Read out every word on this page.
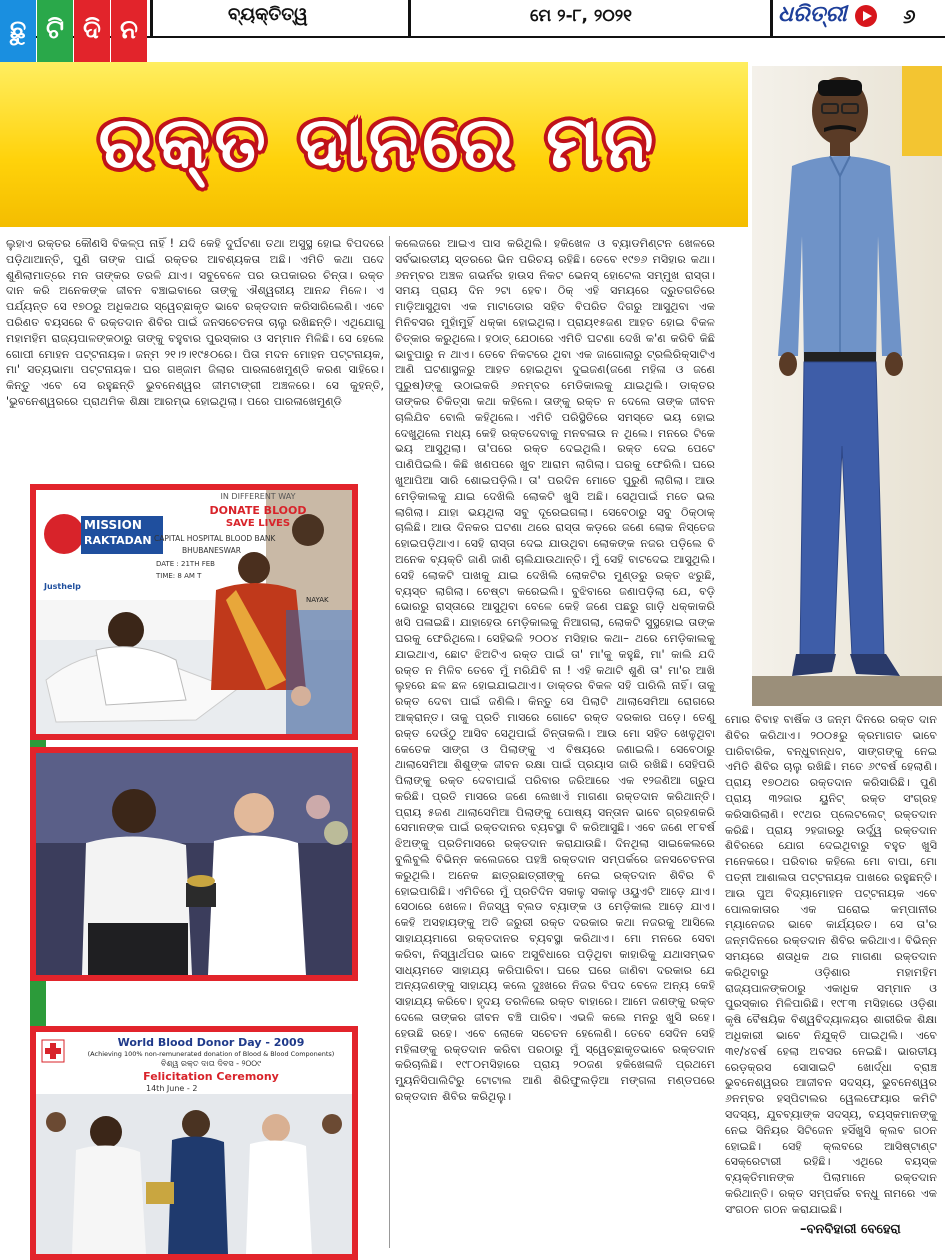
ଛୁ ଟି ଦି ନ
ବ୍ୟକ୍ତିତ୍ୱ	ମେ ୨-୮, ୨୦୨୧	ଧରିତ୍ରୀ	୬
ରକ୍ତ ଦାନରେ ମନ
ଲୁହାଏ ରକ୍ତର କୌଣସି ବିକଳ୍ପ ନାହିଁ ! ଯଦି କେହି ଦୁର୍ଘଟଣା ତଥା ଅସୁସ୍ଥ ହୋଇ ବିପଦରେ ପଡ଼ିଥାଆନ୍ତି, ପୁଣି ତାଙ୍କ ପାଇଁ ରକ୍ତର ଆବଶ୍ୟକତା ଅଛି। ଏମିତି କଥା ପଦେ ଶୁଣିଲାମାତ୍ରେ ମନ ତାଙ୍କର ତରଳି ଯାଏ। ସବୁବେଳେ ପର ଉପକାରର ଚିନ୍ତା। ରକ୍ତ ଦାନ କରି ଅନେକଙ୍କ ଜୀବନ ବଞ୍ଚାଇବାରେ ତାଙ୍କୁ ଐଶ୍ୱରୀୟ ଆନନ୍ଦ ମିଳେ। ଏ ପର୍ଯ୍ୟନ୍ତ ସେ ୧୭୦ରୁ ଅଧିକଥର ସ୍ୱେଚ୍ଛାକୃତ ଭାବେ ରକ୍ତଦାନ କରିସାରିଲେଣି। ଏବେ ପରିଣତ ବୟସରେ ବି ରକ୍ତଦାନ ଶିବିର ପାଇଁ ଜନସଚେତନତା ଚାଲୁ ରଖିଛନ୍ତି। ଏଥିଯୋଗୁ ମହାମହିମ ରାଜ୍ୟପାଳଙ୍କଠାରୁ ତାଙ୍କୁ ବହୁବାର ପୁରସ୍କାର ଓ ସମ୍ମାନ ମିଳିଛି। ସେ ହେଲେ ଗୋପୀ ମୋହନ ପଟ୍ଟନାୟକ। ଜନ୍ମ ୨୧।୨।୧୯୫୦ରେ। ପିତା ମଦନ ମୋହନ ପଟ୍ଟନାୟକ, ମା' ସତ୍ୟଭାମା ପଟ୍ଟନାୟକ। ଘର ଗଞ୍ଜାମ ଜିଲାର ପାରଳାଖେମୁଣ୍ଡି କରଣ ସାହିରେ। କିନ୍ତୁ ଏବେ ସେ ରହୁଛନ୍ତି ଭୁବନେଶ୍ୱର ଜୀମଟାଙ୍ଗୀ ଅଞ୍ଚଳରେ। ସେ କୁହନ୍ତି, 'ଭୁବନେଶ୍ୱରରେ ପ୍ରାଥମିକ ଶିକ୍ଷା ଆରମ୍ଭ ହୋଇଥିଲା। ପରେ ପାରଳାଖେମୁଣ୍ଡି
କଲେଜରେ ଆଇଏ ପାସ କରିଥିଲି। ହକିଖେଳ ଓ ବ୍ୟାଡମିଣ୍ଟନ ଖେଳରେ ସର୍ବଭାରତୀୟ ସ୍ତରରେ ଭିନ ପରିଚୟ ରହିଛି। ତେବେ ୧୯୭୬ ମସିହାର କଥା। ୬ନମ୍ବର ଅଞ୍ଚଳ ଗଭର୍ନର ହାଉସ ନିକଟ ଭେନସ୍ ହୋଟେଲ ସମ୍ମୁଖ ରାସ୍ତା। ସମୟ ପ୍ରାୟ ଦିନ ୨ଟା ହେବ। ଠିକ୍ ଏହି ସମୟରେ ଦ୍ରୁତଗତିରେ ମାଡ଼ିଆସୁଥିବା ଏକ ମାଟାଡୋର ସହିତ ବିପରିତ ଦିଗରୁ ଆସୁଥିବା ଏକ ମିନିବସର ମୁହାଁମୁହିଁ ଧକ୍କା ହୋଇଥିଲା। ପ୍ରାୟ୧୫ଜଣ ଆହତ ହୋଇ ବିକଳ ଚିତ୍କାର କରୁଥିଲେ। ହଠାତ୍ ଯେଠାରେ ଏମିତି ଘଟଣା ଦେଖି କ'ଣ କରିବି କିଛି ଭାବୁପାରୁ ନ ଥାଏ। ତେବେ ନିକଟରେ ଥିବା ଏକ ଜାଗୋଲାରୁ ଟ୍ରଲିରିକ୍ସାଟିଏ ଆଣି ଘଟଣାସ୍ଥଳରୁ ଆହତ ହୋଇଥିବା ଦୁଇଜଣ(ଜଣେ ମହିଳା ଓ ଜଣେ ପୁରୁଷ)ଙ୍କୁ ଉଠାଇକରି ୬ନମ୍ବର ମେଡିକାଲକୁ ଯାଇଥିଲି। ଡାକ୍ତର ତାଙ୍କର ଚିକିତ୍ସା କଥା କହିଲେ। ତାଙ୍କୁ ରକ୍ତ ନ ଦେଲେ ତାଙ୍କ ଜୀବନ ଚାଲିଯିବ ବୋଲି କହିଥିଲେ। ଏମିତି ପରିସ୍ଥିତିରେ ସମସ୍ତେ ଭୟ ହୋଇ ଦେଖୁଥିଲେ ମଧ୍ୟ କେହି ରକ୍ତଦେବାକୁ ମନବଳାଉ ନ ଥିଲେ। ମନରେ ଟିକେ ଭୟ ଆସୁଥିଲା। ତା'ପରେ ରକ୍ତ ଦେଇଥିଲି। ରକ୍ତ ଦେଇ ପେଟେ ପାଣିପିଇଲି। କିଛି ଖଣପରେ ଖୁବ ଆରାମ ଲାଗିଲା। ଘରକୁ ଫେରିଲି। ଘରେ ଖୁଆପିଆ ସାରି ଶୋଇପଡ଼ିଲି। ତା' ପରଦିନ ମୋତେ ପୁରୁଣି ଲାଗିଲା। ଆଉ ମେଡ଼ିକାଲକୁ ଯାଇ ଦେଖିଲି ଲୋକଟି ଖୁସି ଅଛି। ସେଥିପାଇଁ ମତେ ଭଲ ଲାଗିଲା। ଯାହା ଭୟଥିଲା ସବୁ ଦୂରେଇଗଲା। ସେବେଠାରୁ ସବୁ ଠିକ୍‌ଠାକ୍ ଚାଲିଛି। ଆଉ ଦିନକର ଘଟଣା ଥରେ ରାସ୍ତା କଡ଼ରେ ଜଣେ ଲୋକ ନିସ୍ତେଜ ହୋଇପଡ଼ିଥାଏ। ସେହି ରାସ୍ତା ଦେଇ ଯାଉଥିବା ଲୋକଙ୍କ ନଜର ପଡ଼ିଲେ ବି ଅନେକ ବ୍ୟକ୍ତି ଜାଣି ଜାଣି ଚାଲିଯାଉଥାନ୍ତି। ମୁଁ ସେହି ବାଟଦେଇ ଆସୁଥିଲି। ସେହି ଲୋକଟି ପାଖକୁ ଯାଇ ଦେଖିଲି ଲୋକଟିର ମୁଣ୍ଡରୁ ରକ୍ତ ଝରୁଛି, ବ୍ୟସ୍ତ ଲାଗିଲା। ଚେଷ୍ଟା କରେଇଲି। ବୁଝିବାରେ ଜଣାପଡ଼ିଲା ଯେ, ବଡ଼ି ଭୋରରୁ ରାସ୍ତାରେ ଆସୁଥିବା ବେଳେ କେହି ଜଣେ ପଛରୁ ଗାଡ଼ି ଧକ୍କାକରି ଖସି ପଳାଇଛି। ଯାହାହେଉ ମେଡ଼ିକାଲକୁ ନିଆଗଲା, ଲୋକଟି ସୁସ୍ଥହୋଇ ତାଙ୍କ ଘରକୁ ଫେରିଥିଲେ। ସେହିଭଳି ୨୦୦୪ ମସିହାର କଥା– ଥରେ ମେଡ଼ିକାଲକୁ ଯାଇଥାଏ, ଛୋଟ ଝିଅଟିଏ ରକ୍ତ ପାଇଁ ତା' ମା'କୁ କହୁଛି, ମା' କାଲି ଯଦି ରକ୍ତ ନ ମିଳିବ ତେବେ ମୁଁ ମରିଯିବି ନା ! ଏହି କଥାଟି ଶୁଣି ତା' ମା'ର ଆଖି ଲୁହରେ ଛଳ ଛଳ ହୋଇଯାଇଥାଏ। ଡାକ୍ତର ବିକଳ ସହି ପାରିଲି ନାହିଁ। ତାକୁ ରକ୍ତ ଦେବା ପାଇଁ ଜଣିଲି। କିନ୍ତୁ ସେ ପିଲାଟି ଥାଲାସେମିଆ ରୋଗରେ ଆକ୍ରାନ୍ତ। ତାକୁ ପ୍ରତି ମାସରେ ଗୋଟେ ରକ୍ତ ଦରକାର ପଡ଼େ। ତେଣୁ ରକ୍ତ ଦେଉଁଠୁ ଆସିବ ସେଥିପାଇଁ ଚିନ୍ତାକଲି। ଆଉ ମୋ ସହିତ ଖେଳୁଥିବା କେତେକ ସାଙ୍ଗ ଓ ପିଲାଙ୍କୁ ଏ ବିଷୟରେ ଜଣାଇଲି। ସେବେଠାରୁ ଥାଲାସେମିଆ ଶିଶୁଙ୍କ ଜୀବନ ରକ୍ଷା ପାଇଁ ପ୍ରୟାସ ଜାରି ରଖିଛି। ସେହିପରି ପିଲାଙ୍କୁ ରକ୍ତ ଦେବାପାଇଁ ପରିବାର ଜରିଆରେ ଏକ ୧୨ଜଣିଆ ଗ୍ରୁପ କରିଛି। ପ୍ରତି ମାସରେ ଜଣେ ଲେଖାଏଁ ମାଗଣା ରକ୍ତଦାନ କରିଥାନ୍ତି। ପ୍ରାୟ ୫ଜଣ ଥାଲାସେମିଆ ପିଲାଙ୍କୁ ପୋଷ୍ୟ ସନ୍ତାନ ଭାବେ ଗ୍ରହଣକରି ସେମାନଙ୍କ ପାଇଁ ରକ୍ତଦାନର ବ୍ୟବସ୍ଥା ବି କରିଆସୁଛି। ଏବେ ଜଣେ ୧୮ବର୍ଷ ଝିଅଙ୍କୁ ପ୍ରତିମାସରେ ରକ୍ତଦାନ କରାଯାଉଛି। ଦିନଥିଲା ସାଇକେଲରେ ବୁଲିବୁଲି ବିଭିନ୍ନ କଲେଜରେ ପହଞ୍ଚି ରକ୍ତଦାନ ସମ୍ପର୍କରେ ଜନସଚେତନତା କରୁଥିଲି। ଅନେକ ଛାତ୍ରଛାତ୍ରୀଙ୍କୁ ନେଇ ରକ୍ତଦାନ ଶିବିର ବି ହୋଇପାରିଛି। ଏମିତିରେ ମୁଁ ପ୍ରତିଦିନ ସକାଳୁ ସକାଳୁ ଓୟୁଏଟି ଆଡ଼େ ଯାଏ। ସେଠାରେ ଖେଳେ। ନିଜସ୍ୱ ବ୍ଲଡ ବ୍ୟାଙ୍କ ଓ ମେଡ଼ିକାଲ ଆଡ଼େ ଯାଏ। କେହି ଅସହାୟଙ୍କୁ ଅତି ଜରୁରୀ ରକ୍ତ ଦରକାର କଥା ନଜରକୁ ଆସିଲେ ସାହାଯ୍ୟମାଗେ ରକ୍ତଦାନର ବ୍ୟବସ୍ଥା କରିଥାଏ। ମୋ ମନରେ ସେବା କରିବା, ନିସ୍ୱାର୍ଥପର ଭାବେ ଅସୁବିଧାରେ ପଡ଼ିଥିବା କାହାରିକୁ ଯଥାସମ୍ଭବ ସାଧ୍ୟମତେ ସାହାଯ୍ୟ କରିପାରିବା। ଘରେ ଘରେ ଜାଣିବା ଦରକାର ଯେ ଅନ୍ୟଜଣଙ୍କୁ ସାହାଯ୍ୟ କଲେ ଦୁଃଖରେ ନିଜର ବିପଦ ବେଳେ ଅନ୍ୟ କେହି ସାହାଯ୍ୟ କରିବେ। ହୃଦୟ ତରଳିଲେ ରକ୍ତ ବାହାରେ। ଆମେ ଜଣଙ୍କୁ ରକ୍ତ ଦେଲେ ତାଙ୍କର ଜୀବନ ବଞ୍ଚି ପାରିବ। ଏଭଳି କଲେ ମନରୁ ଖୁସି ରହେ। ହେଉଛି ରହେ। ଏବେ ଲୋକେ ସଚେତନ ହେଲେଣି। ତେବେ ସେଦିନ ସେହି ମହିଳାଙ୍କୁ ରକ୍ତଦାନ କରିବା ପରଠାରୁ ମୁଁ ସ୍ୱେଚ୍ଛାକୃତଭାବେ ରକ୍ତଦାନ କରିଚାଲିଛି। ୧୯୮୦ମସିହାରେ ପ୍ରାୟ ୨୦ଜଣ ହକିଖେଳାଳି ପ୍ରଥମେ ମ୍ୟୁନିସିପାଲିଟିରୁ ଟୋଟାଲ ଆଣି ଶିରିଫୁଲଡ଼ିଆ ମଙ୍ଗଳା ମଣ୍ଡପରେ ରକ୍ତଦାନ ଶିବିର କରିଥିଲୁ।
ମୋର ବିବାହ ବାର୍ଷିକ ଓ ଜନ୍ମ ଦିନରେ ରକ୍ତ ଦାନ ଶିବିର କରିଥାଏ। ୨୦୦୫ରୁ କ୍ରମାଗତ ଭାବେ ପାରିବାରିକ, ବନ୍ଧୁବାନ୍ଧବ, ସାଙ୍ଗଙ୍କୁ ନେଇ ଏମିତି ଶିବିର ଚାଲୁ ରଖିଛି। ମତେ ୬୯ବର୍ଷ ହେଲାଣି। ପ୍ରାୟ ୧୭୦ଥର ରକ୍ତଦାନ କରିସାରିଛି। ପୁଣି ପ୍ରାୟ ୩୨ଜାର ୟୁନିଟ୍ ରକ୍ତ ସଂଗ୍ରହ କରିସାରିଲାଣି। ୧୯ଥର ପ୍ଲେଟଲେଟ୍ ରକ୍ତଦାନ କରିଛି। ପ୍ରାୟ ୨ହଜାରରୁ ଉର୍ଦ୍ଧ୍ୱ ରକ୍ତଦାନ ଶିବିରରେ ଯୋଗ ଦେଇଥିବାରୁ ବହୁତ ଖୁସି ମନେକରେ। ପରିବାର କହିଲେ ମୋ ବାପା, ମୋ ପତ୍ନୀ ଆଶାଲତା ପଟ୍ଟନାୟକ ପାଖରେ ରହୁଛନ୍ତି। ଆଉ ପୁଅ ବିଦ୍ୟାମୋହନ ପଟ୍ଟନାୟକ ଏବେ ପୋଲକାତାର ଏକ ଘରୋଇ କମ୍ପାନୀର ମ୍ୟାନେଜର ଭାବେ କାର୍ଯ୍ୟରତ। ସେ ତା'ର ଜନ୍ମଦିନରେ ରକ୍ତଦାନ ଶିବିର କରିଥାଏ। ବିଭିନ୍ନ ସମୟରେ ଶତାଧିକ ଥର ମାଗଣା ରକ୍ତଦାନ କରିଥିବାରୁ ଓଡ଼ିଶାର ମହାମହିମ ରାଜ୍ୟପାଳଙ୍କଠାରୁ ଏକାଧିକ ସମ୍ମାନ ଓ ପୁରସ୍କାର ମିଳିପାରିଛି। ୧୯୮୩ ମସିହାରେ ଓଡ଼ିଶା କୃଷି ବୈଷୟିକ ବିଶ୍ୱବିଦ୍ୟାଳୟର ଶାରୀରିକ ଶିକ୍ଷା ଅଧିକାରୀ ଭାବେ ନିଯୁକ୍ତି ପାଇଥିଲି। ଏବେ ୩୧/୪ବର୍ଷ ହେଲା ଅବସର ନେଇଛି। ଭାରତୀୟ ରେଡ଼କ୍ରସ ସୋସାଇଟି ଖୋର୍ଦ୍ଧା ବ୍ରାଞ୍ଚ ଭୁବନେଶ୍ୱରର ଆଜୀବନ ସଦସ୍ୟ, ଭୁବନେଶ୍ୱର ୬ନମ୍ବର ହସ୍ପିଟାଲର ୱେଲଫେୟାର କମିଟି ସଦସ୍ୟ, ଯୁବବ୍ୟାଙ୍କ ସଦସ୍ୟ, ବୟସ୍କମାନଙ୍କୁ ନେଇ ସିନିୟର ସିଟିଜେନ ହସିଁଖୁସି କ୍ଲବ ଗଠନ ହୋଇଛି। ସେହି କ୍ଲବରେ ଆସିଷ୍ଟାଣ୍ଟ ସେକ୍ରେଟାରୀ ରହିଛି। ଏଥିରେ ବୟସ୍କ ବ୍ୟକ୍ତିମାନଙ୍କ ପିଲାମାନେ ରକ୍ତଦାନ କରିଥାନ୍ତି। ରକ୍ତ ସମ୍ପର୍କର ବନ୍ଧୁ ନାମରେ ଏକ ସଂଗଠନ ଗଠନ କରାଯାଇଛି।
–ବନବିହାରୀ ବେହେରା
IN DIFFERENT WAY
DONATE BLOOD
SAVE LIVES
MISSION
RAKTADAN CAPITAL HOSPITAL BLOOD BANK
BHUBANESWAR
DATE : 21TH FEB
TIME: 8 AM T
Justhelp
NAYAK
World Blood Donor Day - 2009
(Achieving 100% non-remunerated donation of Blood & Blood Components)
ବିଶ୍ୱ ରକ୍ତ ଦାତା ଦିବସ - ୨୦୦୯
Felicitation Ceremony
14th June - 2
